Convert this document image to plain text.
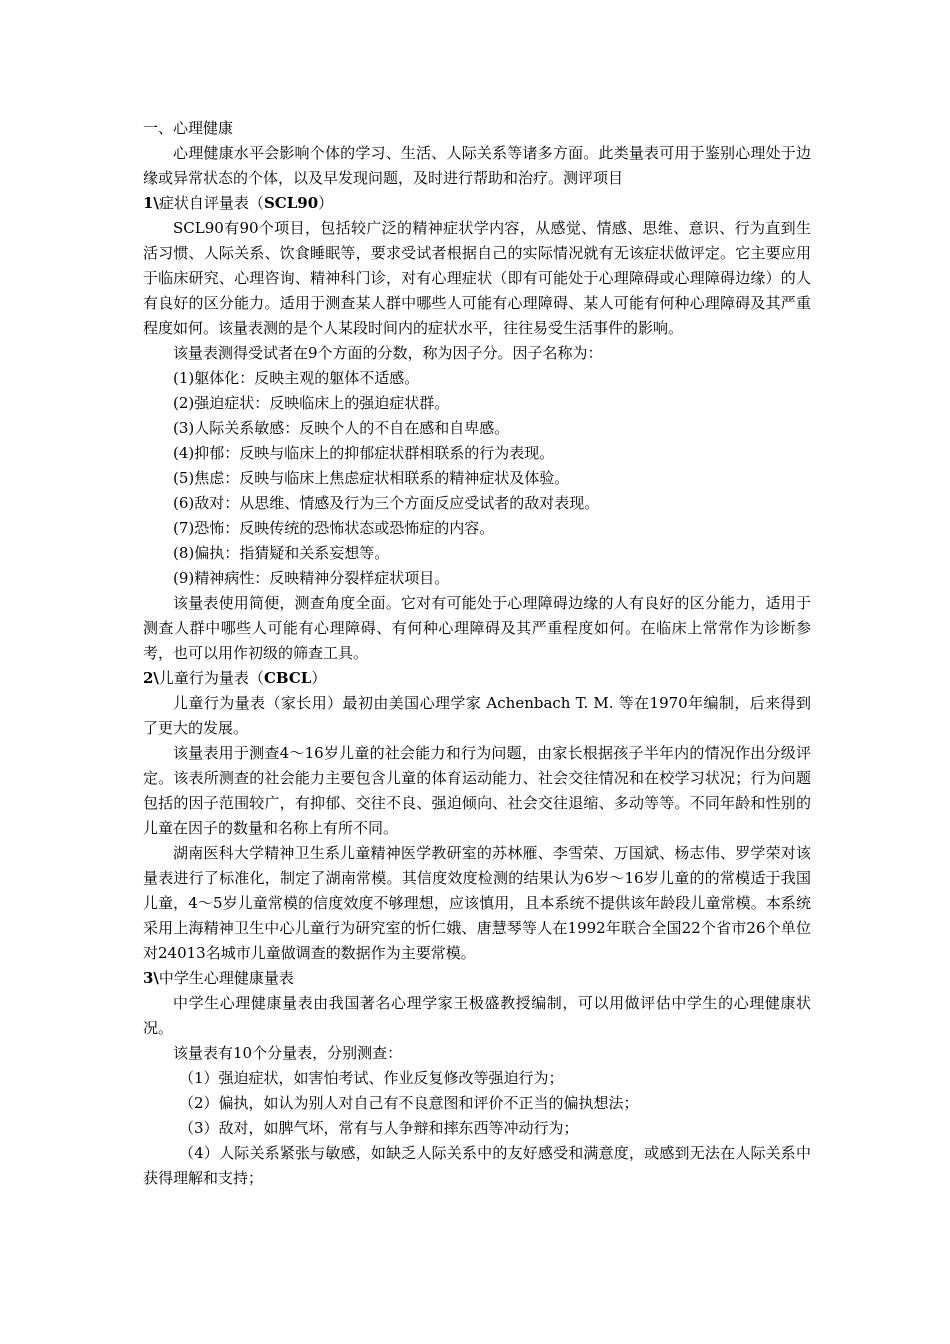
一、心理健康

心理健康水平会影响个体的学习、生活、人际关系等诸多方面。此类量表可用于鉴别心理处于边缘或异常状态的个体，以及早发现问题，及时进行帮助和治疗。测评项目

1\症状自评量表（SCL90）

SCL90有90个项目，包括较广泛的精神症状学内容，从感觉、情感、思维、意识、行为直到生活习惯、人际关系、饮食睡眠等，要求受试者根据自己的实际情况就有无该症状做评定。它主要应用于临床研究、心理咨询、精神科门诊，对有心理症状（即有可能处于心理障碍或心理障碍边缘）的人有良好的区分能力。适用于测查某人群中哪些人可能有心理障碍、某人可能有何种心理障碍及其严重程度如何。该量表测的是个人某段时间内的症状水平，往往易受生活事件的影响。

该量表测得受试者在9个方面的分数，称为因子分。因子名称为：

(1)躯体化：反映主观的躯体不适感。

(2)强迫症状：反映临床上的强迫症状群。

(3)人际关系敏感：反映个人的不自在感和自卑感。

(4)抑郁：反映与临床上的抑郁症状群相联系的行为表现。

(5)焦虑：反映与临床上焦虑症状相联系的精神症状及体验。

(6)敌对：从思维、情感及行为三个方面反应受试者的敌对表现。

(7)恐怖：反映传统的恐怖状态或恐怖症的内容。

(8)偏执：指猜疑和关系妄想等。

(9)精神病性：反映精神分裂样症状项目。

该量表使用简便，测查角度全面。它对有可能处于心理障碍边缘的人有良好的区分能力，适用于测查人群中哪些人可能有心理障碍、有何种心理障碍及其严重程度如何。在临床上常常作为诊断参考，也可以用作初级的筛查工具。

2\儿童行为量表（CBCL）

儿童行为量表（家长用）最初由美国心理学家 Achenbach T. M. 等在1970年编制，后来得到了更大的发展。

该量表用于测查4～16岁儿童的社会能力和行为问题，由家长根据孩子半年内的情况作出分级评定。该表所测查的社会能力主要包含儿童的体育运动能力、社会交往情况和在校学习状况；行为问题包括的因子范围较广，有抑郁、交往不良、强迫倾向、社会交往退缩、多动等等。不同年龄和性别的儿童在因子的数量和名称上有所不同。

湖南医科大学精神卫生系儿童精神医学教研室的苏林雁、李雪荣、万国斌、杨志伟、罗学荣对该量表进行了标准化，制定了湖南常模。其信度效度检测的结果认为6岁～16岁儿童的的常模适于我国儿童，4～5岁儿童常模的信度效度不够理想，应该慎用，且本系统不提供该年龄段儿童常模。本系统采用上海精神卫生中心儿童行为研究室的忻仁娥、唐慧琴等人在1992年联合全国22个省市26个单位对24013名城市儿童做调查的数据作为主要常模。

3\中学生心理健康量表

中学生心理健康量表由我国著名心理学家王极盛教授编制，可以用做评估中学生的心理健康状况。

该量表有10个分量表，分别测查：

（1）强迫症状，如害怕考试、作业反复修改等强迫行为；

（2）偏执，如认为别人对自己有不良意图和评价不正当的偏执想法；

（3）敌对，如脾气坏，常有与人争辩和摔东西等冲动行为；

（4）人际关系紧张与敏感，如缺乏人际关系中的友好感受和满意度，或感到无法在人际关系中获得理解和支持；
